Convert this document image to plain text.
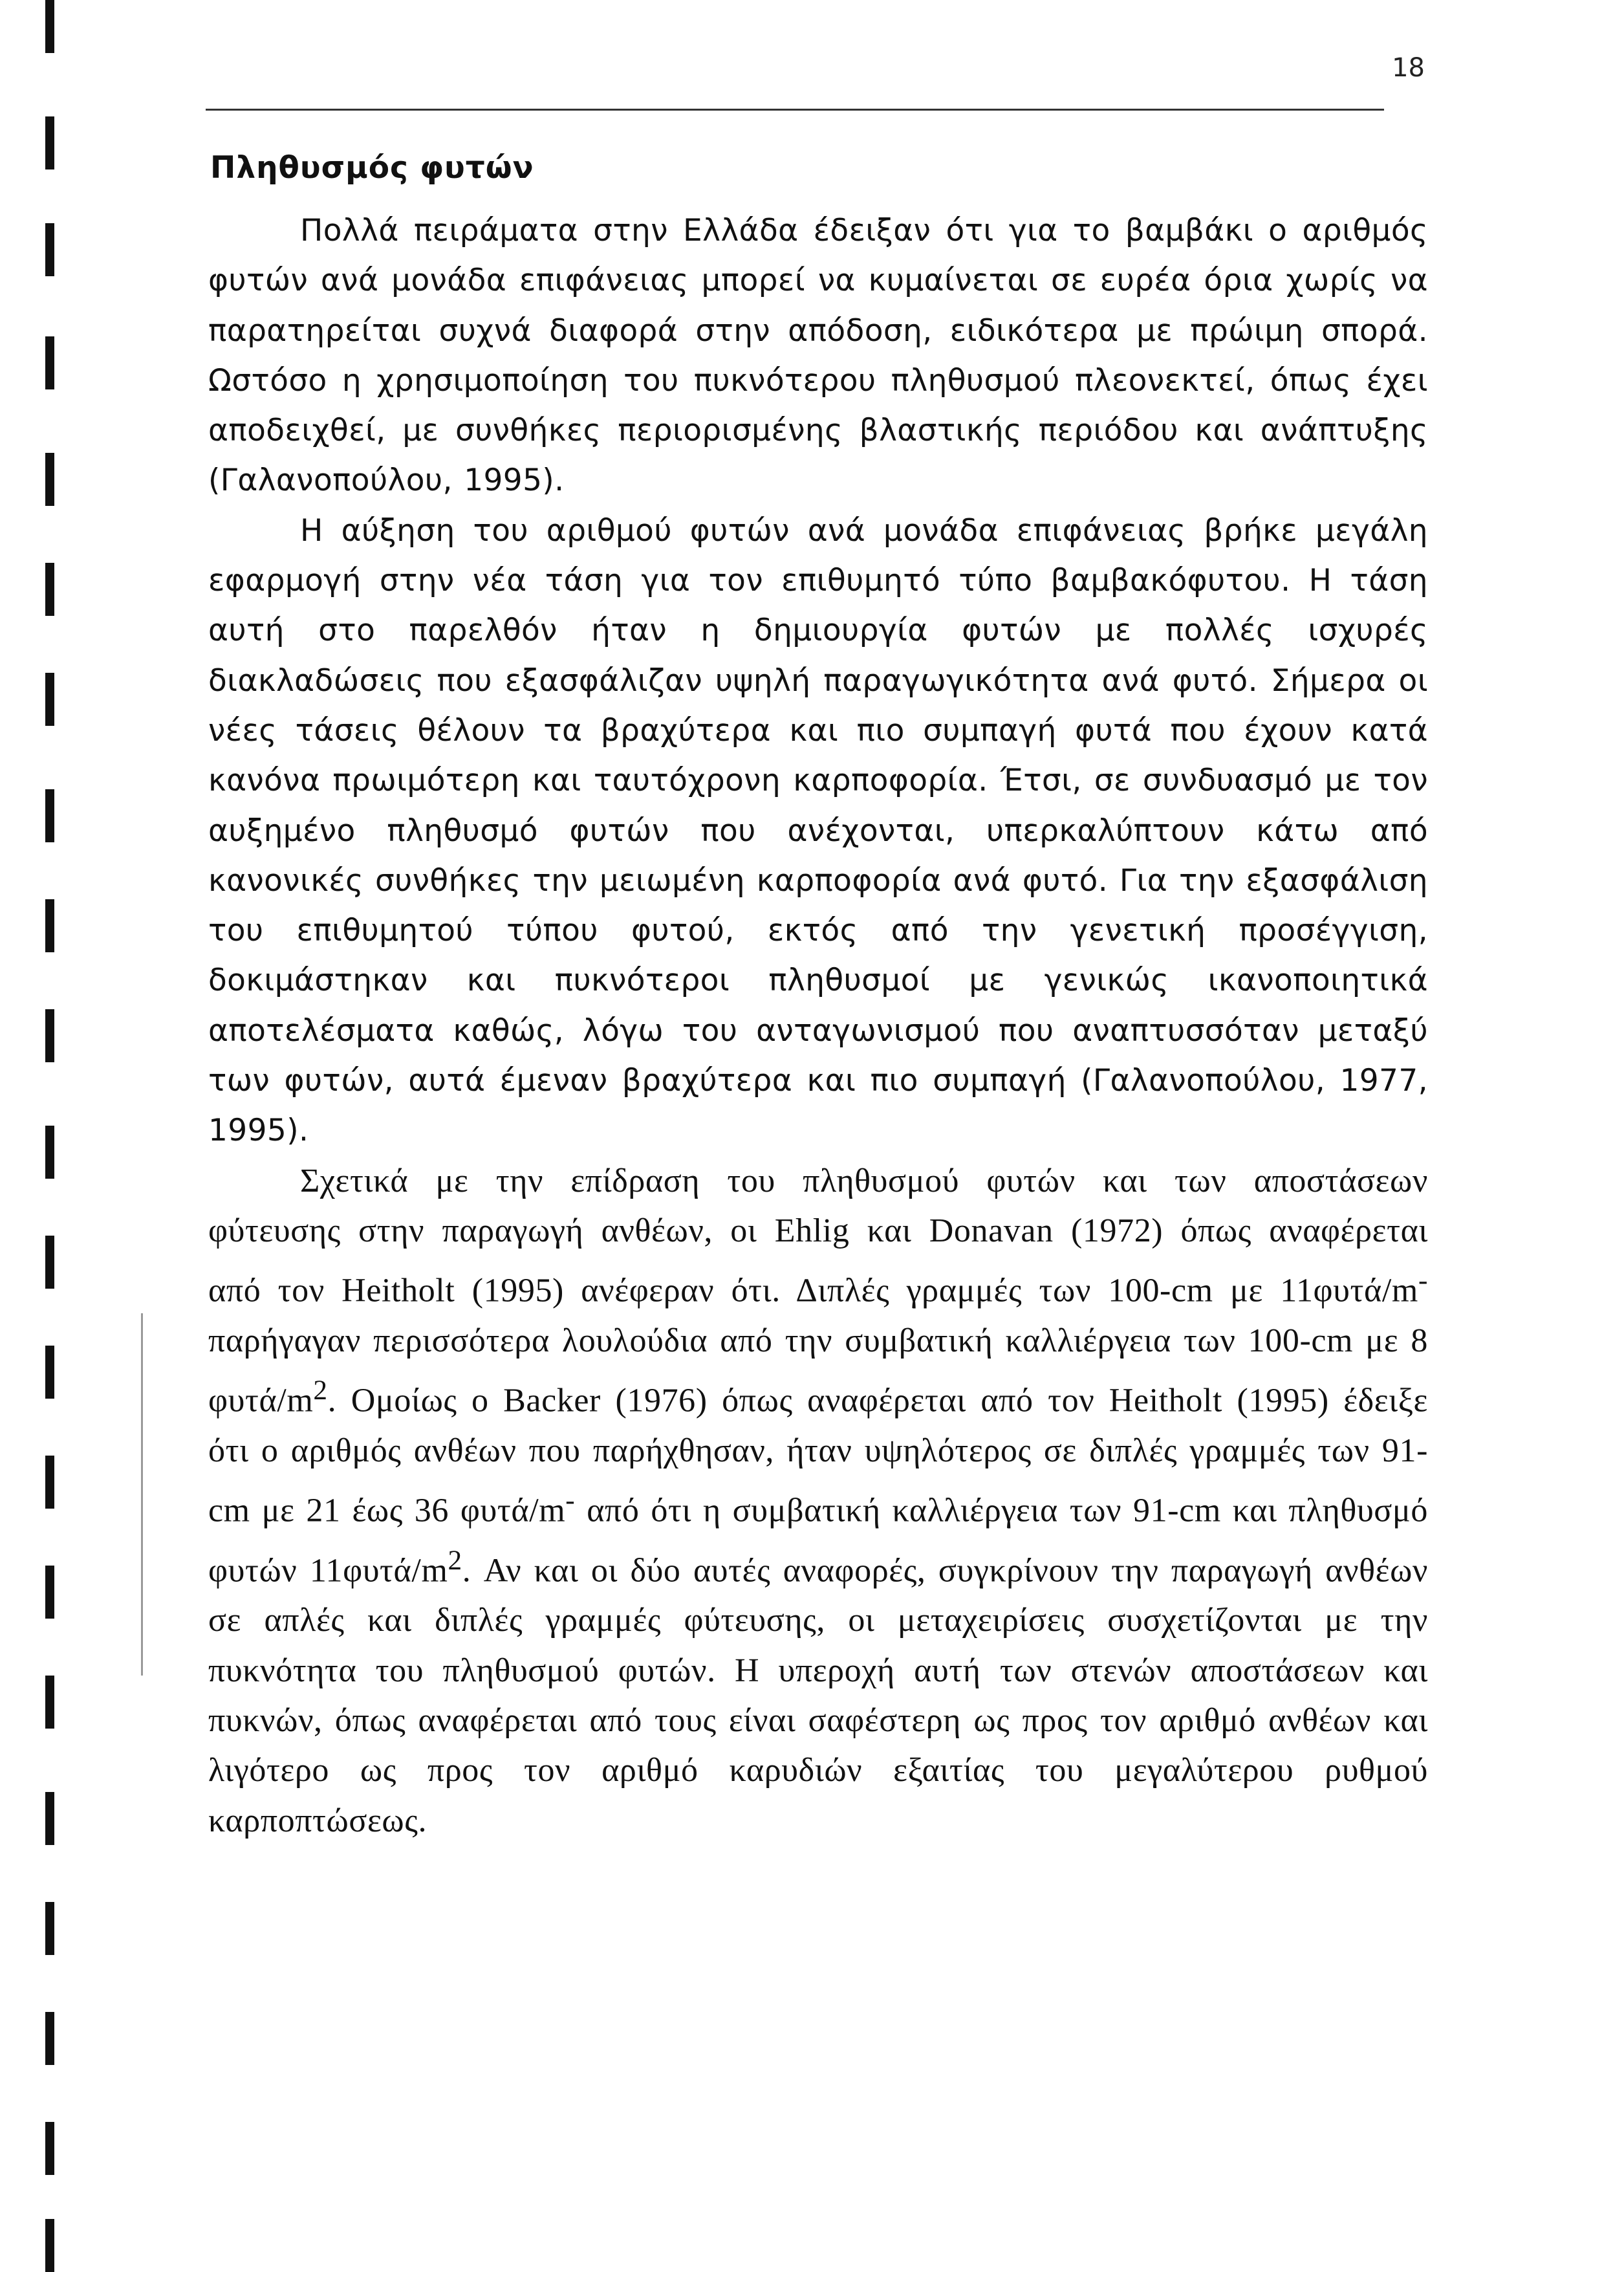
18
Πληθυσμός φυτών

Πολλά πειράματα στην Ελλάδα έδειξαν ότι για το βαμβάκι ο αριθμός φυτών ανά μονάδα επιφάνειας μπορεί να κυμαίνεται σε ευρέα όρια χωρίς να παρατηρείται συχνά διαφορά στην απόδοση, ειδικότερα με πρώιμη σπορά. Ωστόσο η χρησιμοποίηση του πυκνότερου πληθυσμού πλεονεκτεί, όπως έχει αποδειχθεί, με συνθήκες περιορισμένης βλαστικής περιόδου και ανάπτυξης (Γαλανοπούλου, 1995).

Η αύξηση του αριθμού φυτών ανά μονάδα επιφάνειας βρήκε μεγάλη εφαρμογή στην νέα τάση για τον επιθυμητό τύπο βαμβακόφυτου. Η τάση αυτή στο παρελθόν ήταν η δημιουργία φυτών με πολλές ισχυρές διακλαδώσεις που εξασφάλιζαν υψηλή παραγωγικότητα ανά φυτό. Σήμερα οι νέες τάσεις θέλουν τα βραχύτερα και πιο συμπαγή φυτά που έχουν κατά κανόνα πρωιμότερη και ταυτόχρονη καρποφορία. Έτσι, σε συνδυασμό με τον αυξημένο πληθυσμό φυτών που ανέχονται, υπερκαλύπτουν κάτω από κανονικές συνθήκες την μειωμένη καρποφορία ανά φυτό. Για την εξασφάλιση του επιθυμητού τύπου φυτού, εκτός από την γενετική προσέγγιση, δοκιμάστηκαν και πυκνότεροι πληθυσμοί με γενικώς ικανοποιητικά αποτελέσματα καθώς, λόγω του ανταγωνισμού που αναπτυσσόταν μεταξύ των φυτών, αυτά έμεναν βραχύτερα και πιο συμπαγή (Γαλανοπούλου, 1977, 1995).

Σχετικά με την επίδραση του πληθυσμού φυτών και των αποστάσεων φύτευσης στην παραγωγή ανθέων, οι Ehlig και Donavan (1972) όπως αναφέρεται από τον Heitholt (1995) ανέφεραν ότι. Διπλές γραμμές των 100-cm με 11φυτά/m- παρήγαγαν περισσότερα λουλούδια από την συμβατική καλλιέργεια των 100-cm με 8 φυτά/$m^2$. Ομοίως ο Backer (1976) όπως αναφέρεται από τον Heitholt (1995) έδειξε ότι ο αριθμός ανθέων που παρήχθησαν, ήταν υψηλότερος σε διπλές γραμμές των 91-cm με 21 έως 36 φυτά/m- από ότι η συμβατική καλλιέργεια των 91-cm και πληθυσμό φυτών $11\varphi\upsilon\tau ά/m^2$. Αν και οι δύο αυτές αναφορές, συγκρίνουν την παραγωγή ανθέων σε απλές και διπλές γραμμές φύτευσης, οι μεταχειρίσεις συσχετίζονται με την πυκνότητα του πληθυσμού φυτών. Η υπεροχή αυτή των στενών αποστάσεων και πυκνών, όπως αναφέρεται από τους είναι σαφέστερη ως προς τον αριθμό ανθέων και λιγότερο ως προς τον αριθμό καρυδιών εξαιτίας του μεγαλύτερου ρυθμού καρποπτώσεως.
